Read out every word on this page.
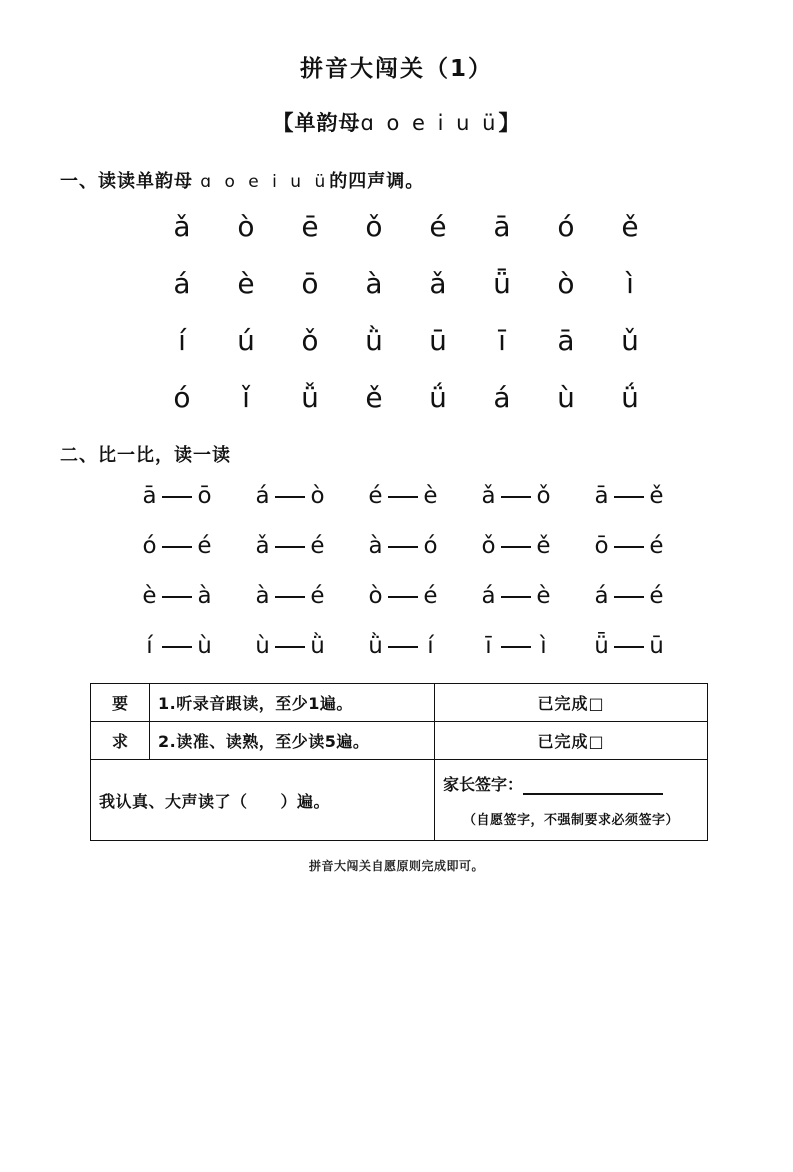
拼音大闯关（1）
【单韵母ɑ o e i u ü】
一、读读单韵母 ɑ o e i u ü的四声调。
ǎ	ò	ē	ǒ	é	ā	ó	ě
á	è	ō	à	ǎ	ǖ	ò	ì
í	ú	ǒ	ǜ	ū	ī	ā	ǔ
ó	ǐ	ǚ	ě	ǘ	á	ù	ǘ
二、比一比，读一读
ā ō á ò é è ǎ ǒ ā ě
ó é ǎ é à ó ǒ ě ō é
è à à é ò é á è á é
í ù ù ǜ ǜ í ī ì ǖ ū
要	1.听录音跟读，至少1遍。	已完成□
求	2.读准、读熟，至少读5遍。	已完成□
我认真、大声读了（　　）遍。		家长签字：
（自愿签字，不强制要求必须签字）
拼音大闯关自愿原则完成即可。
